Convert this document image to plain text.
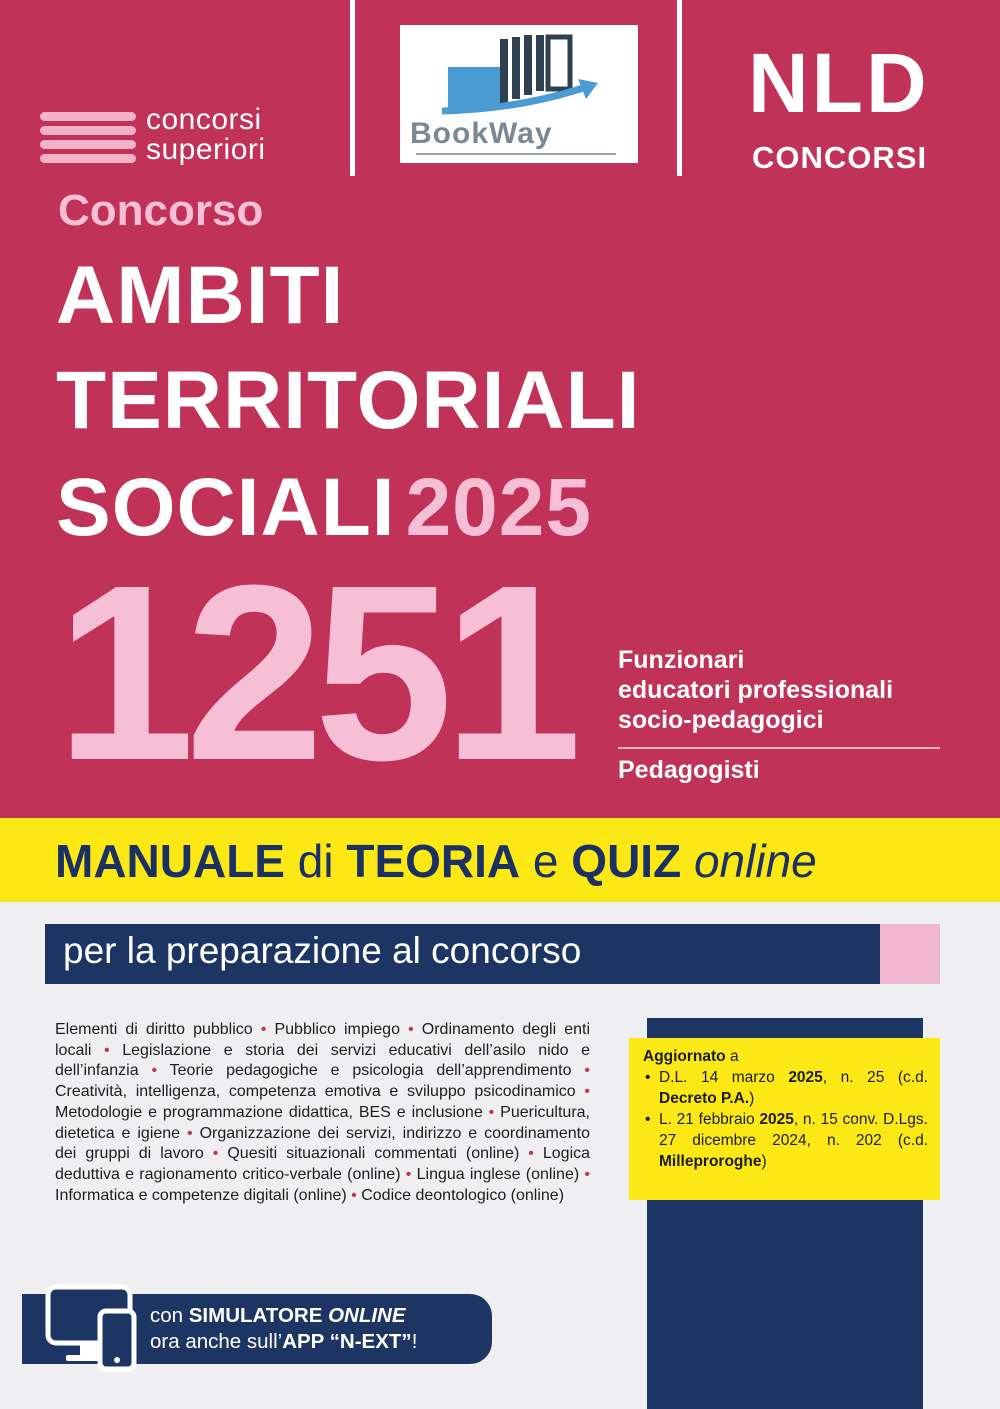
concorsi
superiori	BookWay
NLD
CONCORSI
Concorso
AMBITI
TERRITORIALI
SOCIALI 2025
1251 Funzionari
educatori professionali
socio-pedagogici
Pedagogisti
MANUALE di TEORIA e QUIZ online
per la preparazione al concorso
Elementi di diritto pubblico • Pubblico impiego • Ordinamento degli enti locali • Legislazione e storia dei servizi educativi dell’asilo nido e dell’infanzia • Teorie pedagogiche e psicologia dell’apprendimento • Creatività, intelligenza, competenza emotiva e sviluppo psicodinamico • Metodologie e programmazione didattica, BES e inclusione • Puericultura, dietetica e igiene • Organizzazione dei servizi, indirizzo e coordinamento dei gruppi di lavoro • Quesiti situazionali commentati (online) • Logica deduttiva e ragionamento critico-verbale (online) • Lingua inglese (online) • Informatica e competenze digitali (online) • Codice deontologico (online)
Aggiornato a
• D.L. 14 marzo 2025, n. 25 (c.d. Decreto P.A.)
• L. 21 febbraio 2025, n. 15 conv. D.Lgs. 27 dicembre 2024, n. 202 (c.d. Milleproroghe)
con SIMULATORE ONLINE
ora anche sull’APP “N-EXT”!
